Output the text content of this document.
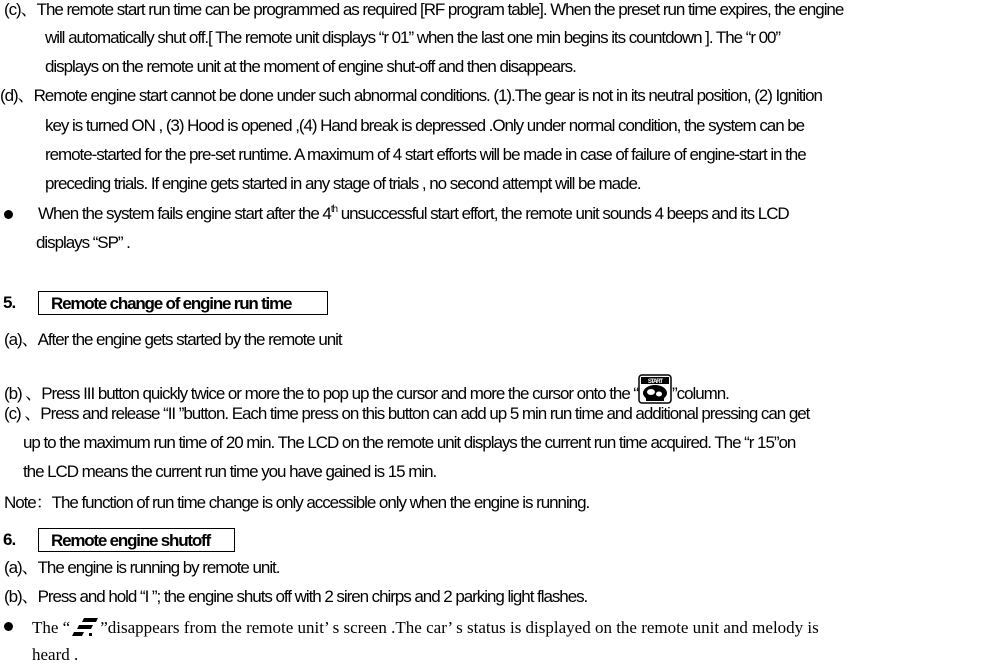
(c)、The remote start run time can be programmed as required [RF program table]. When the preset run time expires, the engine
will automatically shut off.[ The remote unit displays “r 01” when the last one min begins its countdown ]. The “r 00”
displays on the remote unit at the moment of engine shut-off and then disappears.
(d)、Remote engine start cannot be done under such abnormal conditions. (1).The gear is not in its neutral position, (2) Ignition
key is turned ON , (3) Hood is opened ,(4) Hand break is depressed .Only under normal condition, the system can be
remote-started for the pre-set runtime. A maximum of 4 start efforts will be made in case of failure of engine-start in the
preceding trials. If engine gets started in any stage of trials , no second attempt will be made.
When the system fails engine start after the 4th unsuccessful start effort, the remote unit sounds 4 beeps and its LCD
displays “SP” .
5.	Remote change of engine run time
(a)、After the engine gets started by the remote unit
(b) 、Press III button quickly twice or more the to pop up the cursor and more the cursor onto the “
START
”column.
(c) 、Press and release “II ”button. Each time press on this button can add up 5 min run time and additional pressing can get
up to the maximum run time of 20 min. The LCD on the remote unit displays the current run time acquired. The “r 15”on
the LCD means the current run time you have gained is 15 min.
Note：The function of run time change is only accessible only when the engine is running.
6.	Remote engine shutoff
(a)、The engine is running by remote unit.
(b)、Press and hold “I ”; the engine shuts off with 2 siren chirps and 2 parking light flashes.
The “ ”disappears from the remote unit’ s screen .The car’ s status is displayed on the remote unit and melody is
heard .
